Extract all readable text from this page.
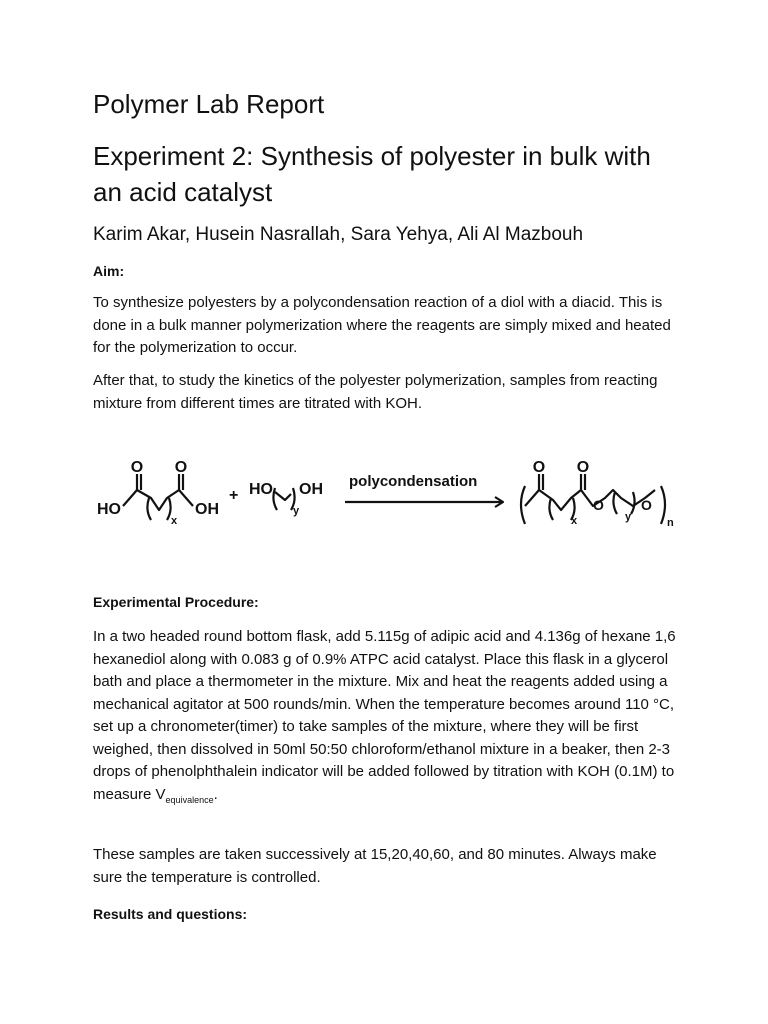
Polymer Lab Report
Experiment 2: Synthesis of polyester in bulk with an acid catalyst
Karim Akar, Husein Nasrallah, Sara Yehya, Ali Al Mazbouh
Aim:

To synthesize polyesters by a polycondensation reaction of a diol with a diacid. This is done in a bulk manner polymerization where the reagents are simply mixed and heated for the polymerization to occur.

After that, to study the kinetics of the polyester polymerization, samples from reacting mixture from different times are titrated with KOH.

O O
HO	OH
+ HO OH polycondensation
O O
O	O
x
y
x	y	n
Experimental Procedure:

In a two headed round bottom flask, add 5.115g of adipic acid and 4.136g of hexane 1,6 hexanediol along with 0.083 g of 0.9% ATPC acid catalyst. Place this flask in a glycerol bath and place a thermometer in the mixture. Mix and heat the reagents added using a mechanical agitator at 500 rounds/min. When the temperature becomes around 110 °C, set up a chronometer(timer) to take samples of the mixture, where they will be first weighed, then dissolved in 50ml 50:50 chloroform/ethanol mixture in a beaker, then 2-3 drops of phenolphthalein indicator will be added followed by titration with KOH (0.1M) to measure $V_{equivalence}$.

These samples are taken successively at 15,20,40,60, and 80 minutes. Always make sure the temperature is controlled.

Results and questions:
